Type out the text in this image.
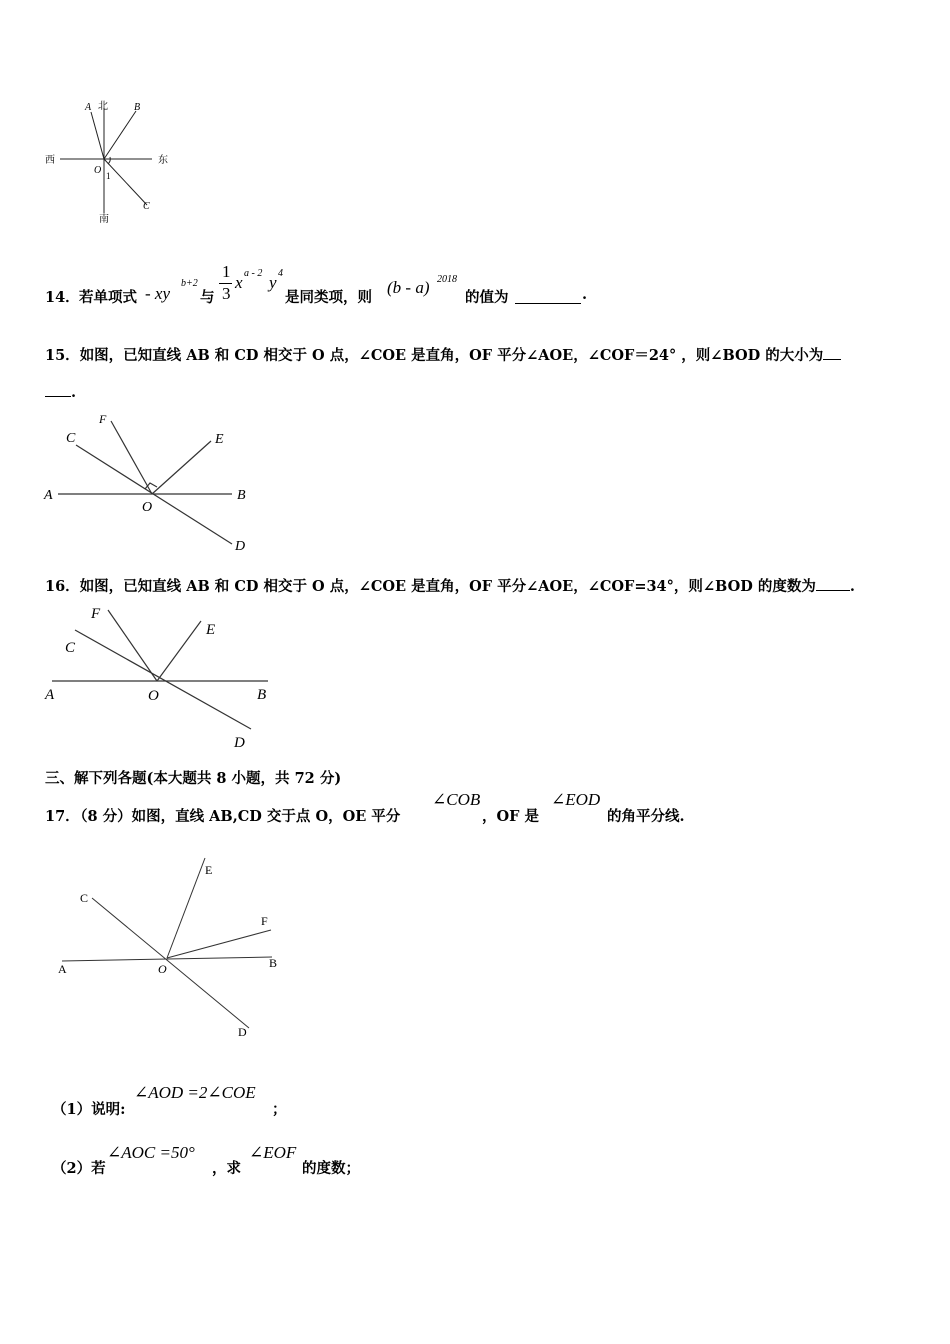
北
A	B
西	东
O 1
C
南
14． 若单项式 - xy
b+2
与
1
3
x a - 2 y 4
是同类项，则
(b - a) 2018
的值为	.
15．如图，已知直线 AB 和 CD 相交于 O 点，∠COE 是直角，OF 平分∠AOE，∠COF＝24° ，则∠BOD 的大小为
.
C
F
E
A	B
O
D
16．如图，已知直线 AB 和 CD 相交于 O 点，∠COE 是直角，OF 平分∠AOE，∠COF=34°，则∠BOD 的度数为 .
F
C
E
A	O	B
D
三、解下列各题(本大题共 8 小题，共 72 分)
17．
（8 分）如图，直线 AB,CD 交于点 O，OE 平分
∠COB
，OF 是
∠EOD
的角平分线.
E
C
F
A	O	B
D
（1）说明:
∠AOD =2∠COE
；
（2）若
∠AOC =50°
，求
∠EOF
的度数；
